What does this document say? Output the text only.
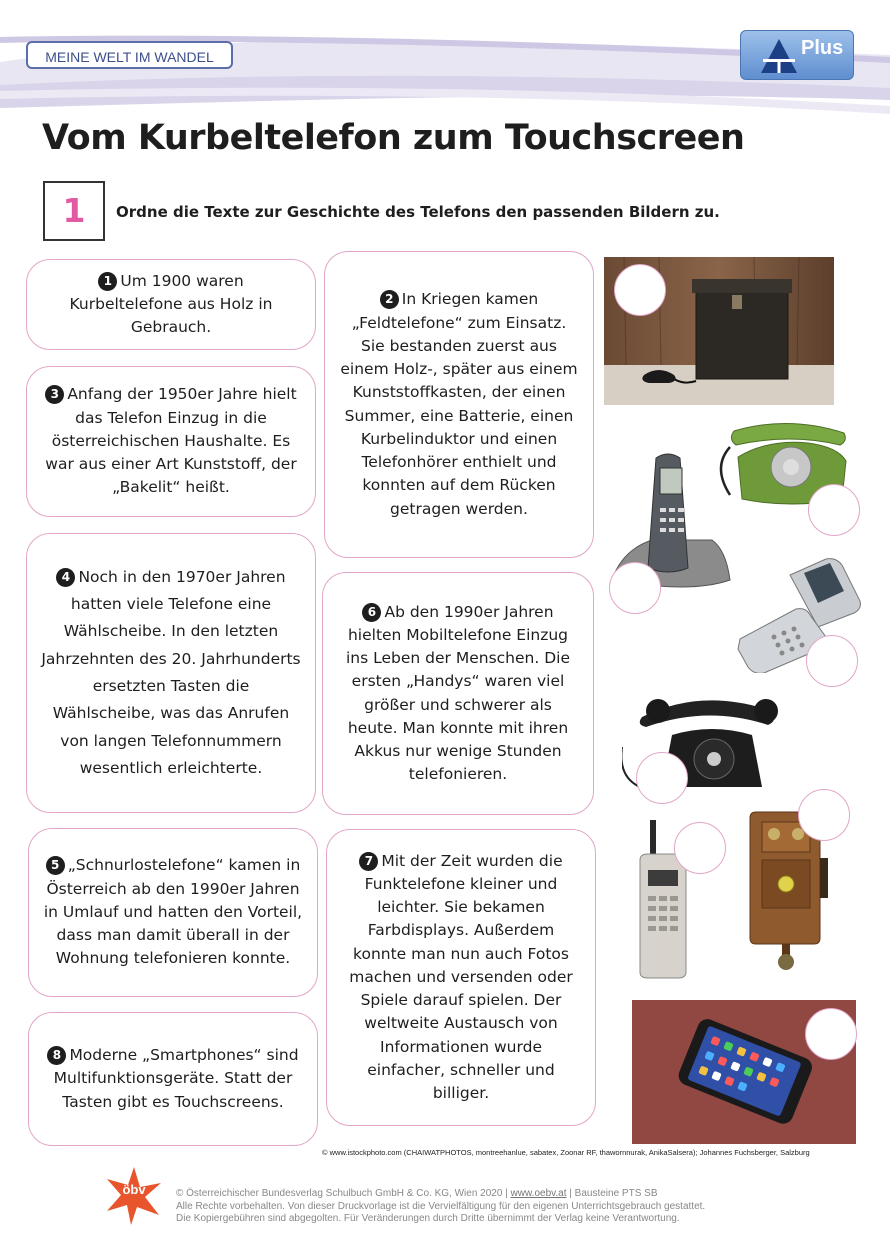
MEINE WELT IM WANDEL	Plus
Vom Kurbeltelefon zum Touchscreen
1	Ordne die Texte zur Geschichte des Telefons den passenden Bildern zu.

1 Um 1900 waren Kurbeltelefone aus Holz in Gebrauch.

3 Anfang der 1950er Jahre hielt das Telefon Einzug in die österreichischen Haushalte. Es war aus einer Art Kunststoff, der „Bakelit“ heißt.

4 Noch in den 1970er Jahren hatten viele Telefone eine Wählscheibe. In den letzten Jahrzehnten des 20. Jahrhunderts ersetzten Tasten die Wählscheibe, was das Anrufen von langen Telefonnummern wesentlich erleichterte.

5 „Schnurlostelefone“ kamen in Österreich ab den 1990er Jahren in Umlauf und hatten den Vorteil, dass man damit überall in der Wohnung telefonieren konnte.

8 Moderne „Smartphones“ sind Multifunktionsgeräte. Statt der Tasten gibt es Touchscreens.

2 In Kriegen kamen „Feldtelefone“ zum Einsatz. Sie bestanden zuerst aus einem Holz-, später aus einem Kunststoffkasten, der einen Summer, eine Batterie, einen Kurbelinduktor und einen Telefonhörer enthielt und konnten auf dem Rücken getragen werden.

6 Ab den 1990er Jahren hielten Mobiltelefone Einzug ins Leben der Menschen. Die ersten „Handys“ waren viel größer und schwerer als heute. Man konnte mit ihren Akkus nur wenige Stunden telefonieren.

7 Mit der Zeit wurden die Funktelefone kleiner und leichter. Sie bekamen Farbdisplays. Außerdem konnte man nun auch Fotos machen und versenden oder Spiele darauf spielen. Der weltweite Austausch von Informationen wurde einfacher, schneller und billiger.

© www.istockphoto.com (CHAIWATPHOTOS, montreehanlue, sabatex, Zoonar RF, thawornnurak, AnikaSalsera); Johannes Fuchsberger, Salzburg
öbv	© Österreichischer Bundesverlag Schulbuch GmbH & Co. KG, Wien 2020 | www.oebv.at | Bausteine PTS SB
Alle Rechte vorbehalten. Von dieser Druckvorlage ist die Vervielfältigung für den eigenen Unterrichtsgebrauch gestattet.
Die Kopiergebühren sind abgegolten. Für Veränderungen durch Dritte übernimmt der Verlag keine Verantwortung.
